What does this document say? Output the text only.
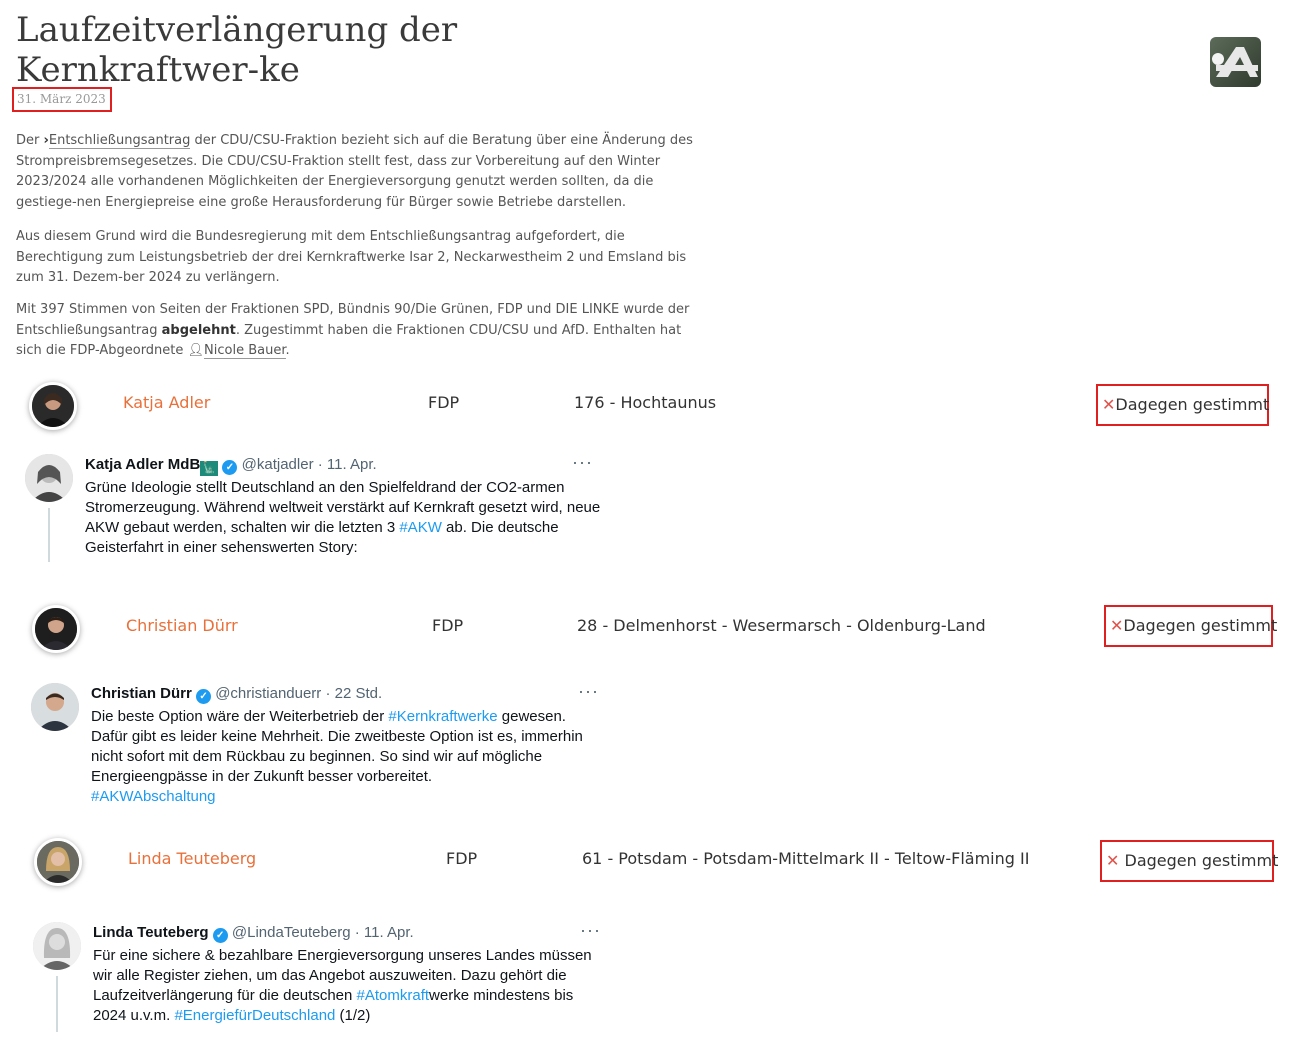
Laufzeitverlängerung der Kernkraftwer-ke
31. März 2023

Der ›Entschließungsantrag der CDU/CSU-Fraktion bezieht sich auf die Beratung über eine Änderung des Strompreisbremsegesetzes. Die CDU/CSU-Fraktion stellt fest, dass zur Vorbereitung auf den Winter 2023/2024 alle vorhandenen Möglichkeiten der Energieversorgung genutzt werden sollten, da die gestiege-nen Energiepreise eine große Herausforderung für Bürger sowie Betriebe darstellen.

Aus diesem Grund wird die Bundesregierung mit dem Entschließungsantrag aufgefordert, die Berechtigung zum Leistungsbetrieb der drei Kernkraftwerke Isar 2, Neckarwestheim 2 und Emsland bis zum 31. Dezem-ber 2024 zu verlängern.

Mit 397 Stimmen von Seiten der Fraktionen SPD, Bündnis 90/Die Grünen, FDP und DIE LINKE wurde der Entschließungsantrag abgelehnt. Zugestimmt haben die Fraktionen CDU/CSU und AfD. Enthalten hat sich die FDP-Abgeordnete 👤︎Nicole Bauer.

Katja Adler	FDP	176 - Hochtaunus	✕Dagegen gestimmt
Katja Adler MdB 🗽 ✓ @katjadler · 11. Apr.	···

Grüne Ideologie stellt Deutschland an den Spielfeldrand der CO2-armen Stromerzeugung. Während weltweit verstärkt auf Kernkraft gesetzt wird, neue AKW gebaut werden, schalten wir die letzten 3 #AKW ab. Die deutsche Geisterfahrt in einer sehenswerten Story:

Christian Dürr	FDP	28 - Delmenhorst - Wesermarsch - Oldenburg-Land	✕Dagegen gestimmt
Christian Dürr ✓ @christianduerr · 22 Std.	···

Die beste Option wäre der Weiterbetrieb der #Kernkraftwerke gewesen. Dafür gibt es leider keine Mehrheit. Die zweitbeste Option ist es, immerhin nicht sofort mit dem Rückbau zu beginnen. So sind wir auf mögliche Energieengpässe in der Zukunft besser vorbereitet.
#AKWAbschaltung

Linda Teuteberg	FDP	61 - Potsdam - Potsdam-Mittelmark II - Teltow-Fläming II	✕ Dagegen gestimmt
Linda Teuteberg ✓ @LindaTeuteberg · 11. Apr.	···

Für eine sichere & bezahlbare Energieversorgung unseres Landes müssen wir alle Register ziehen, um das Angebot auszuweiten. Dazu gehört die Laufzeitverlängerung für die deutschen #Atomkraftwerke mindestens bis 2024 u.v.m. #EnergiefürDeutschland (1/2)
